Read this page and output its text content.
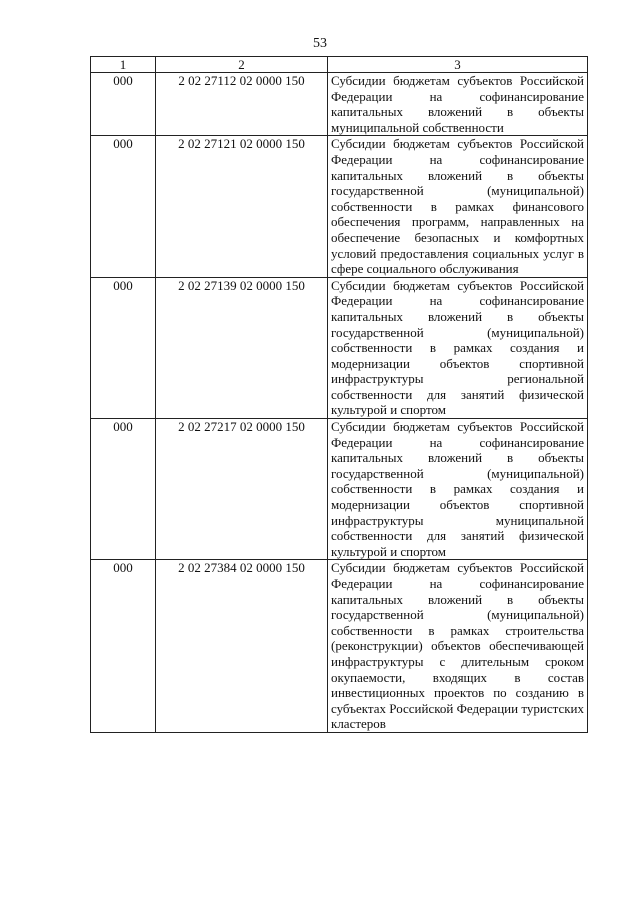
53
1	2	3
000	2 02 27112 02 0000 150	Субсидии бюджетам субъектов Российской Федерации на софинансирование капитальных вложений в объекты муниципальной собственности
000	2 02 27121 02 0000 150	Субсидии бюджетам субъектов Российской Федерации на софинансирование капитальных вложений в объекты государственной (муниципальной) собственности в рамках финансового обеспечения программ, направленных на обеспечение безопасных и комфортных условий предоставления социальных услуг в сфере социального обслуживания
000	2 02 27139 02 0000 150	Субсидии бюджетам субъектов Российской Федерации на софинансирование капитальных вложений в объекты государственной (муниципальной) собственности в рамках создания и модернизации объектов спортивной инфраструктуры региональной собственности для занятий физической культурой и спортом
000	2 02 27217 02 0000 150	Субсидии бюджетам субъектов Российской Федерации на софинансирование капитальных вложений в объекты государственной (муниципальной) собственности в рамках создания и модернизации объектов спортивной инфраструктуры муниципальной собственности для занятий физической культурой и спортом
000	2 02 27384 02 0000 150	Субсидии бюджетам субъектов Российской Федерации на софинансирование капитальных вложений в объекты государственной (муниципальной) собственности в рамках строительства (реконструкции) объектов обеспечивающей инфраструктуры с длительным сроком окупаемости, входящих в состав инвестиционных проектов по созданию в субъектах Российской Федерации туристских кластеров
